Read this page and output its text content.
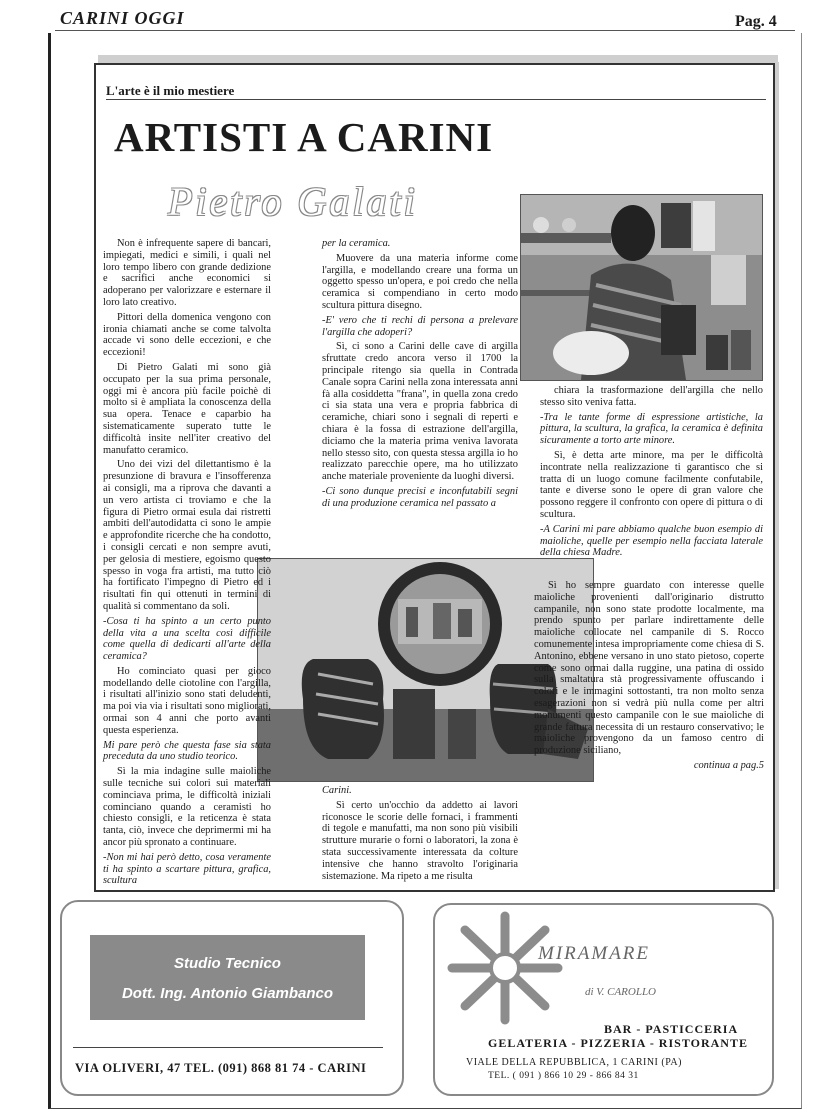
CARINI OGGI	Pag. 4
L'arte è il mio mestiere
ARTISTI A CARINI
Pietro Galati

Non è infrequente sapere di bancari, impiegati, medici e simili, i quali nel loro tempo libero con grande dedizione e sacrifici anche economici si adoperano per valorizzare e esternare il loro lato creativo.

Pittori della domenica vengono con ironia chiamati anche se come talvolta accade vi sono delle eccezioni, e che eccezioni!

Di Pietro Galati mi sono già occupato per la sua prima personale, oggi mi è ancora più facile poichè di molto si è ampliata la conoscenza della sua opera. Tenace e caparbio ha sistematicamente superato tutte le difficoltà insite nell'iter creativo del manufatto ceramico.

Uno dei vizi del dilettantismo è la presunzione di bravura e l'insofferenza ai consigli, ma a riprova che davanti a un vero artista ci troviamo e che la figura di Pietro ormai esula dai ristretti ambiti dell'autodidatta ci sono le ampie e approfondite ricerche che ha condotto, i consigli cercati e non sempre avuti, per gelosia di mestiere, egoismo questo spesso in voga fra artisti, ma tutto ciò ha fortificato l'impegno di Pietro ed i risultati fin qui ottenuti in termini di qualità si commentano da soli.

-Cosa ti ha spinto a un certo punto della vita a una scelta così difficile come quella di dedicarti all'arte della ceramica?

Ho cominciato quasi per gioco modellando delle ciotoline con l'argilla, i risultati all'inizio sono stati deludenti, ma poi via via i risultati sono migliorati, ormai son 4 anni che porto avanti questa esperienza.

Mi pare però che questa fase sia stata preceduta da uno studio teorico.

Sì la mia indagine sulle maioliche sulle tecniche sui colori sui materiali cominciava prima, le difficoltà iniziali cominciano quando a ceramisti ho chiesto consigli, e la reticenza è stata tanta, ciò, invece che deprimermi mi ha ancor più spronato a continuare.

-Non mi hai però detto, cosa veramente ti ha spinto a scartare pittura, grafica, scultura

per la ceramica.

Muovere da una materia informe come l'argilla, e modellando creare una forma un oggetto spesso un'opera, e poi credo che nella ceramica si compendiano in certo modo scultura pittura disegno.

-E' vero che ti rechi di persona a prelevare l'argilla che adoperi?

Sì, ci sono a Carini delle cave di argilla sfruttate credo ancora verso il 1700 la principale ritengo sia quella in Contrada Canale sopra Carini nella zona interessata anni fà alla cosiddetta "frana", in quella zona credo ci sia stata una vera e propria fabbrica di ceramiche, chiari sono i segnali di reperti e chiara è la fossa di estrazione dell'argilla, diciamo che la materia prima veniva lavorata nello stesso sito, con questa stessa argilla io ho realizzato parecchie opere, ma ho utilizzato anche materiale proveniente da luoghi diversi.

-Ci sono dunque precisi e inconfutabili segni di una produzione ceramica nel passato a

chiara la trasformazione dell'argilla che nello stesso sito veniva fatta.

-Tra le tante forme di espressione artistiche, la pittura, la scultura, la grafica, la ceramica è definita sicuramente a torto arte minore.

Sì, è detta arte minore, ma per le difficoltà incontrate nella realizzazione ti garantisco che si tratta di un luogo comune facilmente confutabile, tante e diverse sono le opere di gran valore che possono reggere il confronto con opere di pittura o di scultura.

-A Carini mi pare abbiamo qualche buon esempio di maioliche, quelle per esempio nella facciata laterale della chiesa Madre.

Carini.

Sì certo un'occhio da addetto ai lavori riconosce le scorie delle fornaci, i frammenti di tegole e manufatti, ma non sono più visibili strutture murarie o forni o laboratori, la zona è stata successivamente interessata da colture intensive che hanno stravolto l'originaria sistemazione. Ma ripeto a me risulta

Sì ho sempre guardato con interesse quelle maioliche provenienti dall'originario distrutto campanile, non sono state prodotte localmente, ma prendo spunto per parlare indirettamente delle maioliche collocate nel campanile di S. Rocco comunemente intesa impropriamente come chiesa di S. Antonino, ebbene versano in uno stato pietoso, coperte come sono ormai dalla ruggine, una patina di ossido sulla smaltatura stà progressivamente offuscando i colori e le immagini sottostanti, tra non molto senza esagerazioni non si vedrà più nulla come per altri monumenti questo campanile con le sue maioliche di grande fattura necessita di un restauro conservativo; le maioliche provengono da un famoso centro di produzione siciliano,

continua a pag.5

Studio Tecnico
Dott. Ing. Antonio Giambanco
VIA OLIVERI, 47 TEL. (091) 868 81 74 - CARINI
MIRAMARE
di V. CAROLLO
BAR - PASTICCERIA
GELATERIA - PIZZERIA - RISTORANTE
VIALE DELLA REPUBBLICA, 1 CARINI (PA)
TEL. ( 091 ) 866 10 29 - 866 84 31
